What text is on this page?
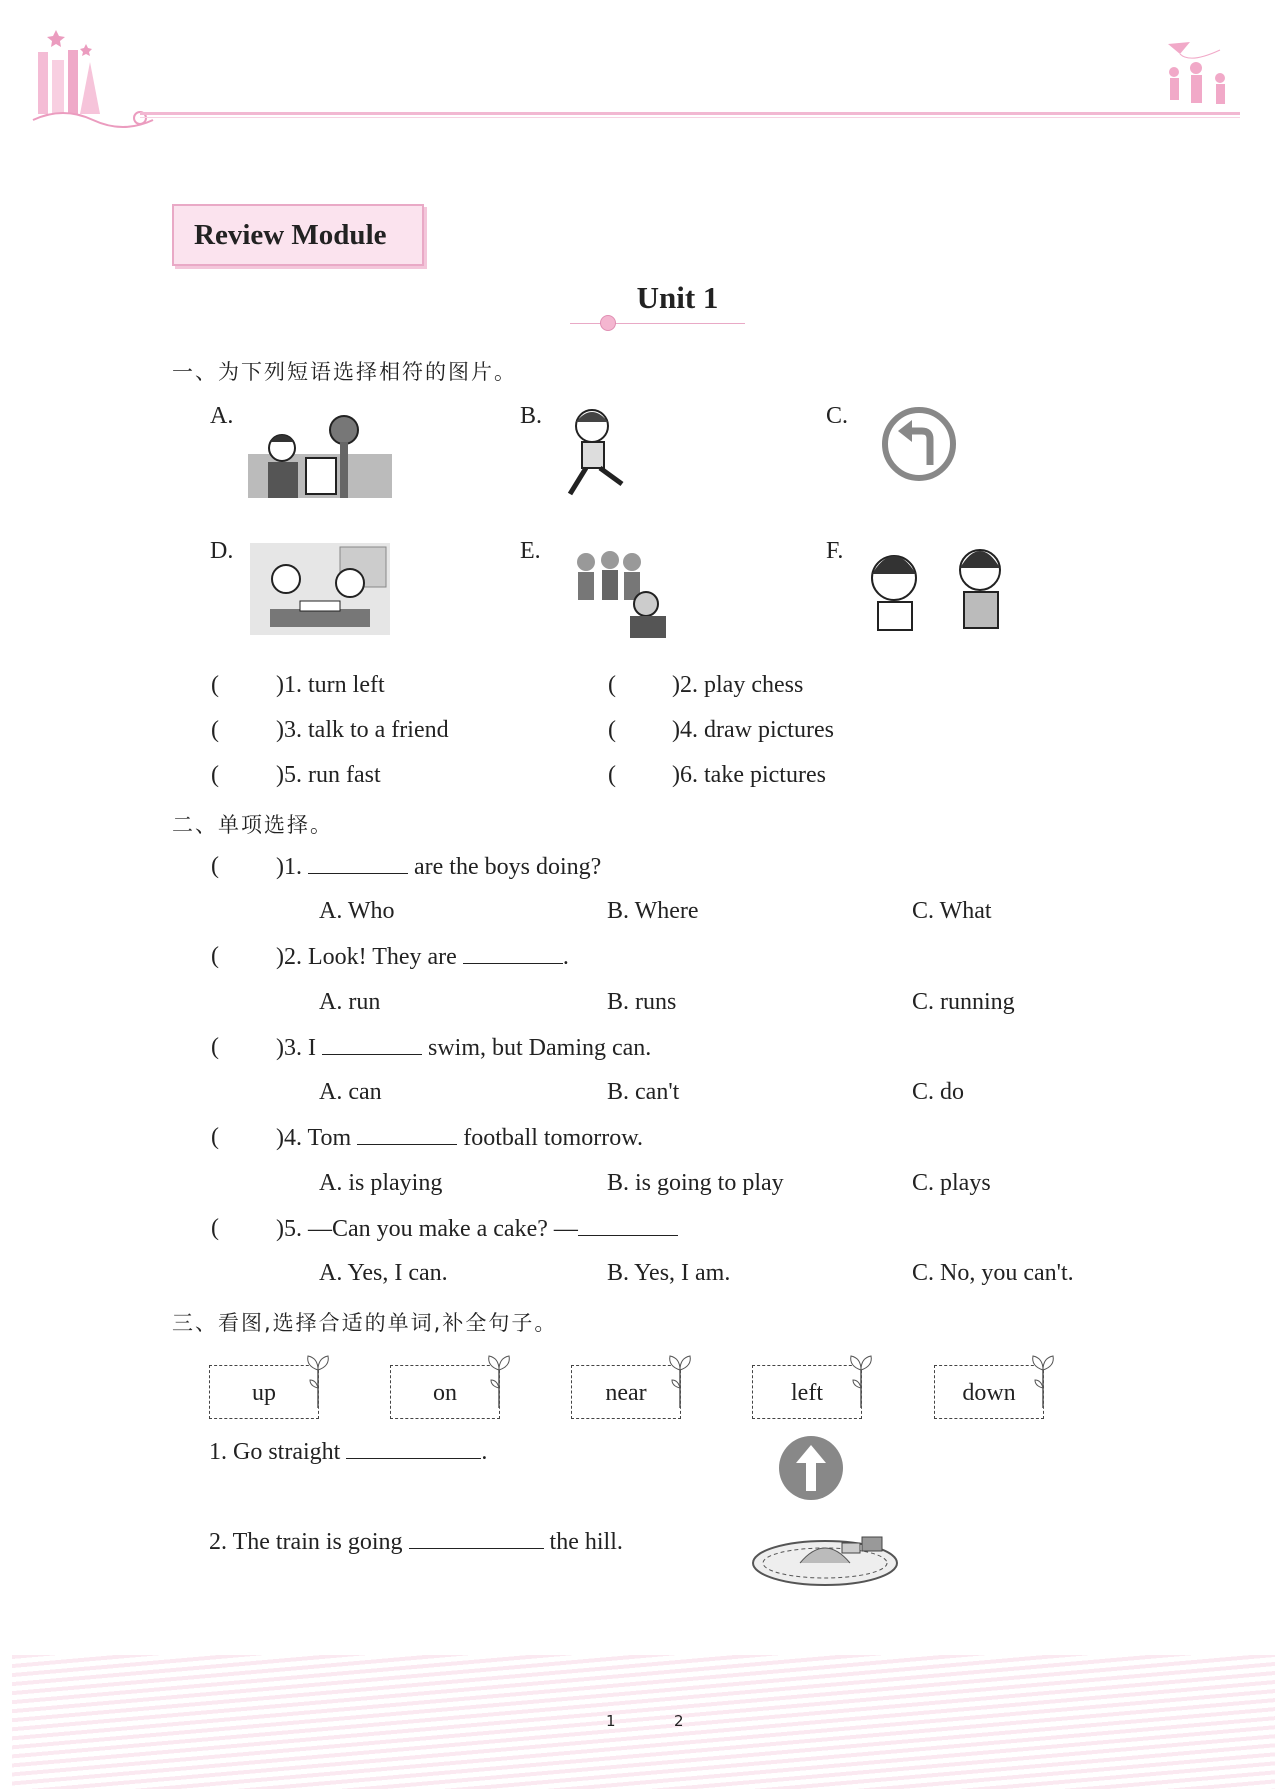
Review Module
Unit 1
一、为下列短语选择相符的图片。
A.	B.	C.
D.	E.	F.
( )1. turn left	( )2. play chess
( )3. talk to a friend	( )4. draw pictures
( )5. run fast	( )6. take pictures
二、单项选择。
( )1.	are the boys doing?
A. Who	B. Where	C. What
( )2. Look! They are	.
A. run	B. runs	C. running
( )3. I	swim, but Daming can.
A. can	B. can't	C. do
( )4. Tom	football tomorrow.
A. is playing	B. is going to play	C. plays
( )5. —Can you make a cake? —
A. Yes, I can.	B. Yes, I am.	C. No, you can't.
三、看图,选择合适的单词,补全句子。
up	on	near	left	down
1. Go straight	.
2. The train is going	the hill.
1	2
